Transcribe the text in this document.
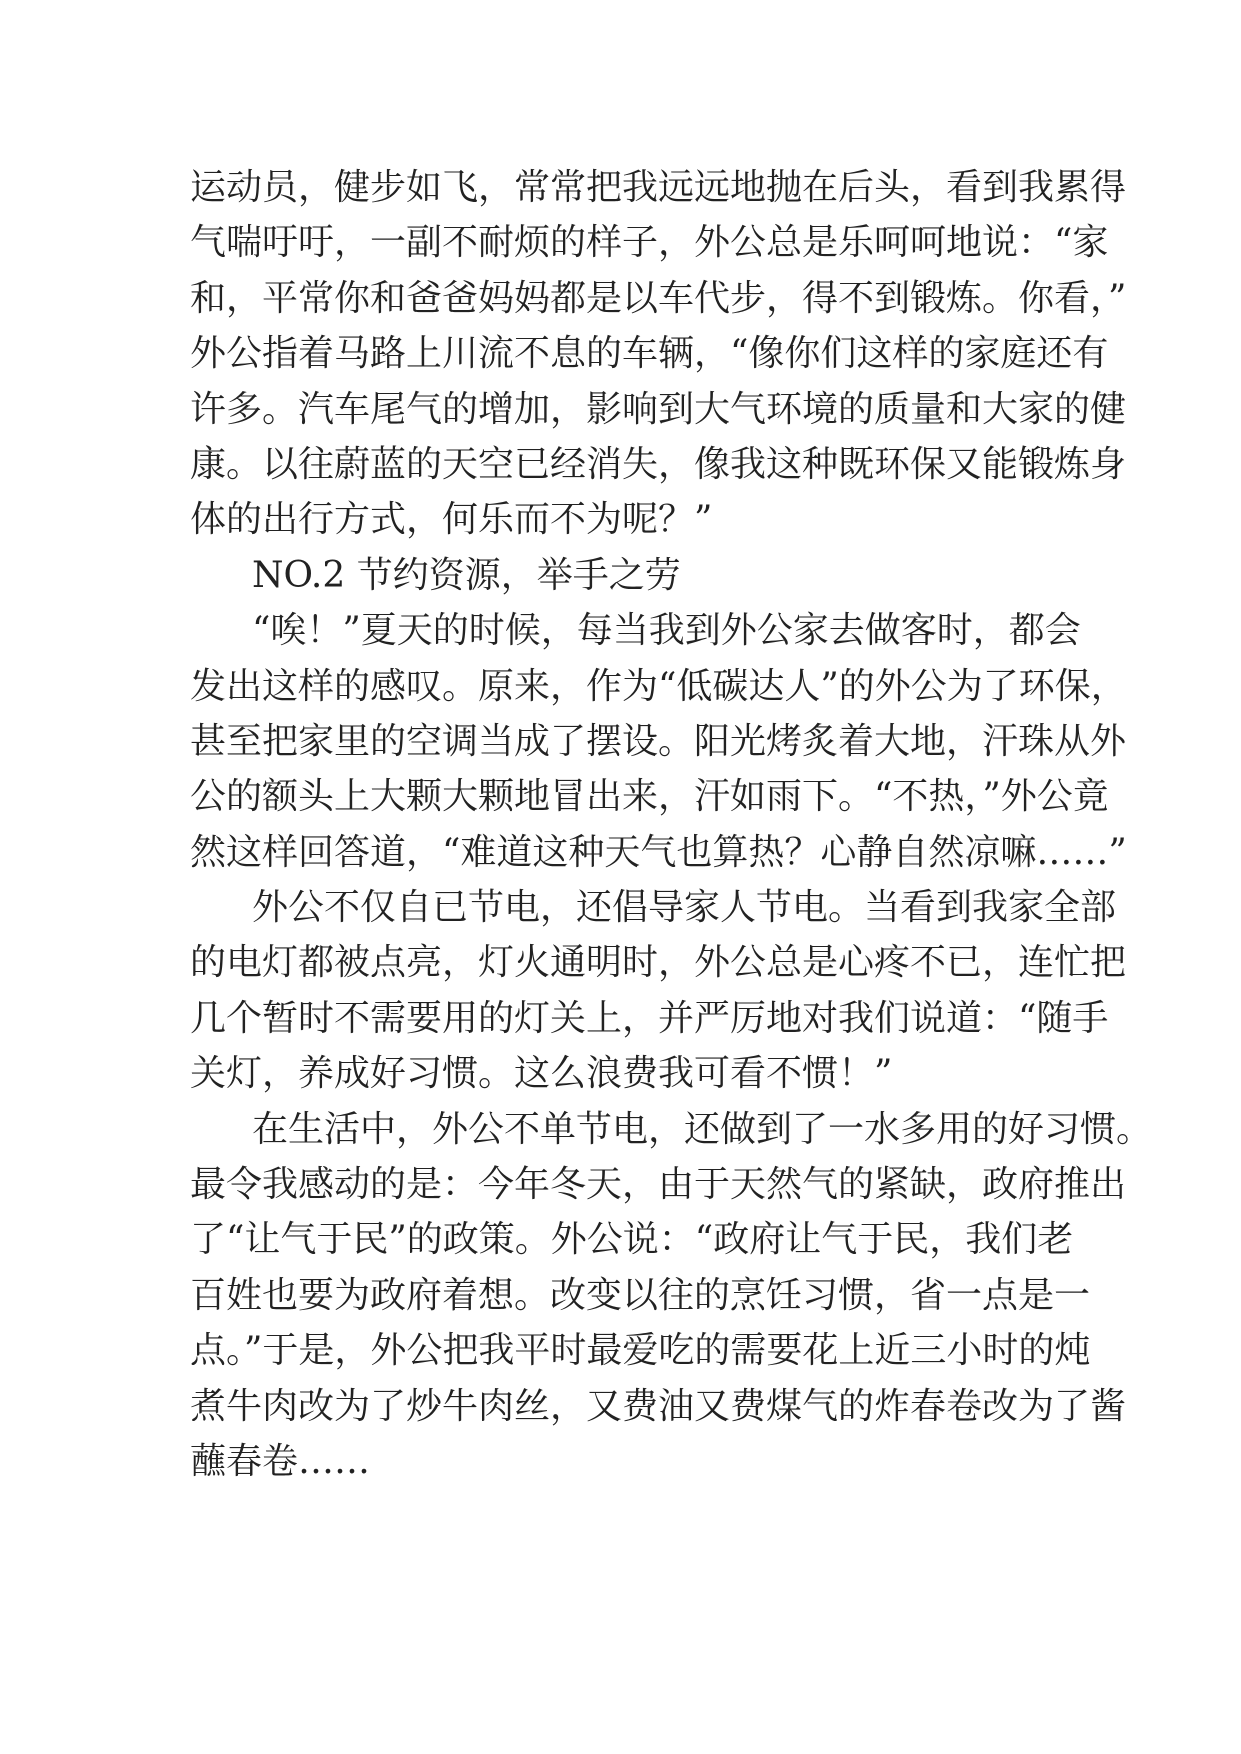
运动员，健步如飞，常常把我远远地抛在后头，看到我累得
气喘吁吁，一副不耐烦的样子，外公总是乐呵呵地说：“家
和，平常你和爸爸妈妈都是以车代步，得不到锻炼。你看，”
外公指着马路上川流不息的车辆，“像你们这样的家庭还有
许多。汽车尾气的增加，影响到大气环境的质量和大家的健
康。以往蔚蓝的天空已经消失，像我这种既环保又能锻炼身
体的出行方式，何乐而不为呢？”
NO.2 节约资源，举手之劳
“唉！”夏天的时候，每当我到外公家去做客时，都会
发出这样的感叹。原来，作为“低碳达人”的外公为了环保，
甚至把家里的空调当成了摆设。阳光烤炙着大地，汗珠从外
公的额头上大颗大颗地冒出来，汗如雨下。“不热，”外公竟
然这样回答道，“难道这种天气也算热？心静自然凉嘛……”
外公不仅自已节电，还倡导家人节电。当看到我家全部
的电灯都被点亮，灯火通明时，外公总是心疼不已，连忙把
几个暂时不需要用的灯关上，并严厉地对我们说道：“随手
关灯，养成好习惯。这么浪费我可看不惯！”
在生活中，外公不单节电，还做到了一水多用的好习惯。
最令我感动的是：今年冬天，由于天然气的紧缺，政府推出
了“让气于民”的政策。外公说：“政府让气于民，我们老
百姓也要为政府着想。改变以往的烹饪习惯，省一点是一
点。”于是，外公把我平时最爱吃的需要花上近三小时的炖
煮牛肉改为了炒牛肉丝，又费油又费煤气的炸春卷改为了酱
蘸春卷……
